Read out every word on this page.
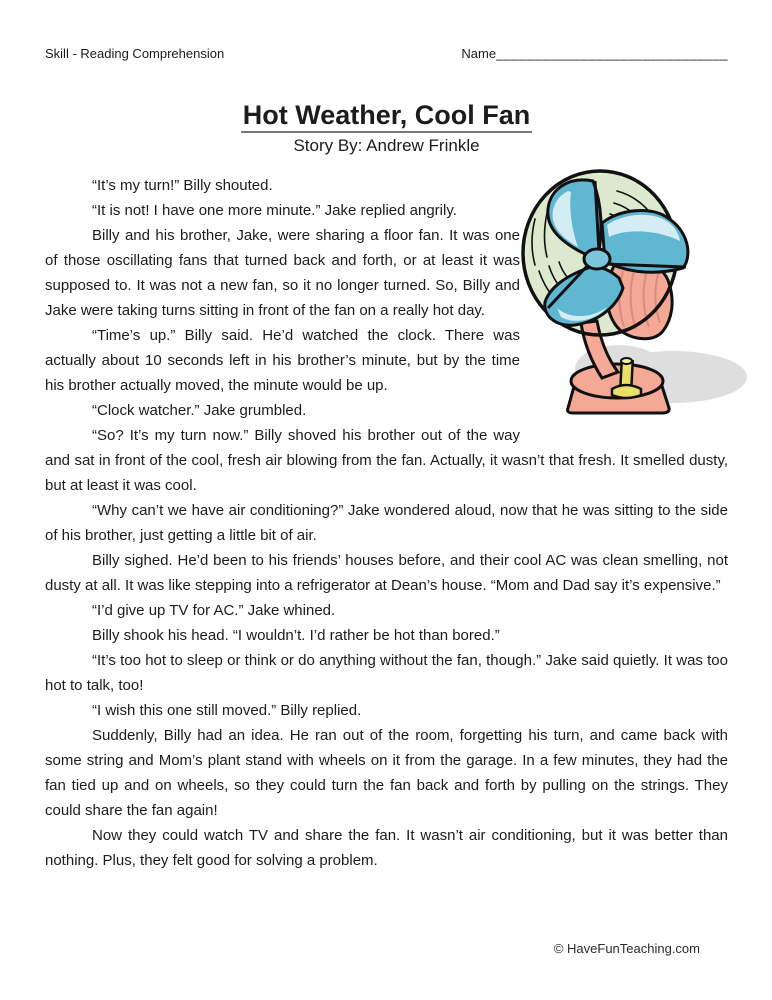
Skill - Reading Comprehension	Name______________________________
Hot Weather, Cool Fan
Story By: Andrew Frinkle

“It’s my turn!” Billy shouted.

“It is not! I have one more minute.” Jake replied angrily.

Billy and his brother, Jake, were sharing a floor fan. It was one of those oscillating fans that turned back and forth, or at least it was supposed to. It was not a new fan, so it no longer turned. So, Billy and Jake were taking turns sitting in front of the fan on a really hot day.

“Time’s up.” Billy said. He’d watched the clock. There was actually about 10 seconds left in his brother’s minute, but by the time his brother actually moved, the minute would be up.

“Clock watcher.” Jake grumbled.

“So? It’s my turn now.” Billy shoved his brother out of the way and sat in front of the cool, fresh air blowing from the fan. Actually, it wasn’t that fresh. It smelled dusty, but at least it was cool.

“Why can’t we have air conditioning?” Jake wondered aloud, now that he was sitting to the side of his brother, just getting a little bit of air.

Billy sighed. He’d been to his friends’ houses before, and their cool AC was clean smelling, not dusty at all. It was like stepping into a refrigerator at Dean’s house. “Mom and Dad say it’s expensive.”

“I’d give up TV for AC.” Jake whined.

Billy shook his head. “I wouldn’t. I’d rather be hot than bored.”

“It’s too hot to sleep or think or do anything without the fan, though.” Jake said quietly. It was too hot to talk, too!

“I wish this one still moved.” Billy replied.

Suddenly, Billy had an idea. He ran out of the room, forgetting his turn, and came back with some string and Mom’s plant stand with wheels on it from the garage. In a few minutes, they had the fan tied up and on wheels, so they could turn the fan back and forth by pulling on the strings. They could share the fan again!

Now they could watch TV and share the fan. It wasn’t air conditioning, but it was better than nothing. Plus, they felt good for solving a problem.

© HaveFunTeaching.com
